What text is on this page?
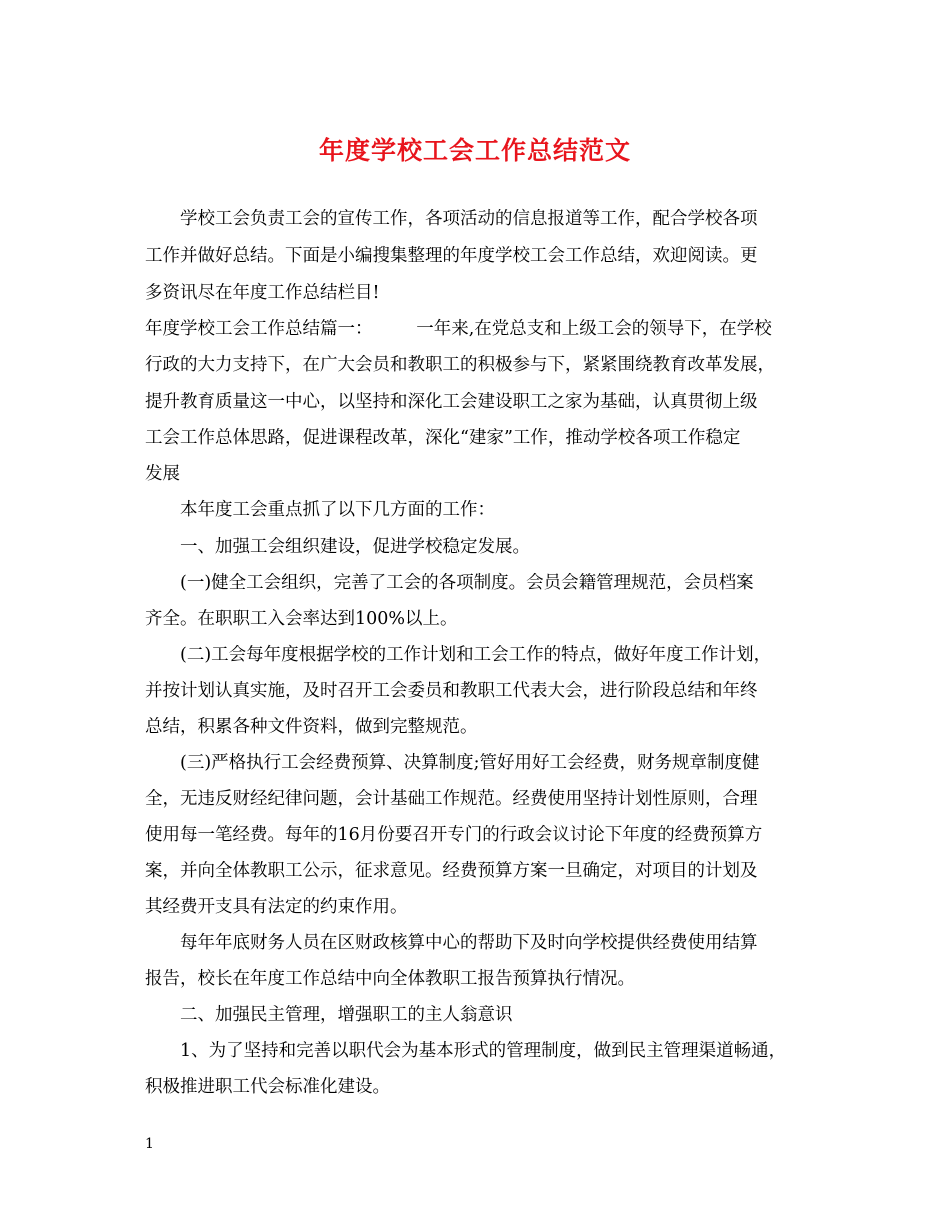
年度学校工会工作总结范文
　　学校工会负责工会的宣传工作，各项活动的信息报道等工作，配合学校各项
工作并做好总结。下面是小编搜集整理的年度学校工会工作总结，欢迎阅读。更
多资讯尽在年度工作总结栏目!
年度学校工会工作总结篇一：　　　一年来,在党总支和上级工会的领导下，在学校
行政的大力支持下，在广大会员和教职工的积极参与下，紧紧围绕教育改革发展，
提升教育质量这一中心，以坚持和深化工会建设职工之家为基础，认真贯彻上级
工会工作总体思路，促进课程改革，深化“建家”工作，推动学校各项工作稳定
发展
　　本年度工会重点抓了以下几方面的工作：
　　一、加强工会组织建设，促进学校稳定发展。
　　(一)健全工会组织，完善了工会的各项制度。会员会籍管理规范，会员档案
齐全。在职职工入会率达到100%以上。
　　(二)工会每年度根据学校的工作计划和工会工作的特点，做好年度工作计划，
并按计划认真实施，及时召开工会委员和教职工代表大会，进行阶段总结和年终
总结，积累各种文件资料，做到完整规范。
　　(三)严格执行工会经费预算、决算制度;管好用好工会经费，财务规章制度健
全，无违反财经纪律问题，会计基础工作规范。经费使用坚持计划性原则，合理
使用每一笔经费。每年的16月份要召开专门的行政会议讨论下年度的经费预算方
案，并向全体教职工公示，征求意见。经费预算方案一旦确定，对项目的计划及
其经费开支具有法定的约束作用。
　　每年年底财务人员在区财政核算中心的帮助下及时向学校提供经费使用结算
报告，校长在年度工作总结中向全体教职工报告预算执行情况。
　　二、加强民主管理，增强职工的主人翁意识
　　1、为了坚持和完善以职代会为基本形式的管理制度，做到民主管理渠道畅通，
积极推进职工代会标准化建设。
1
